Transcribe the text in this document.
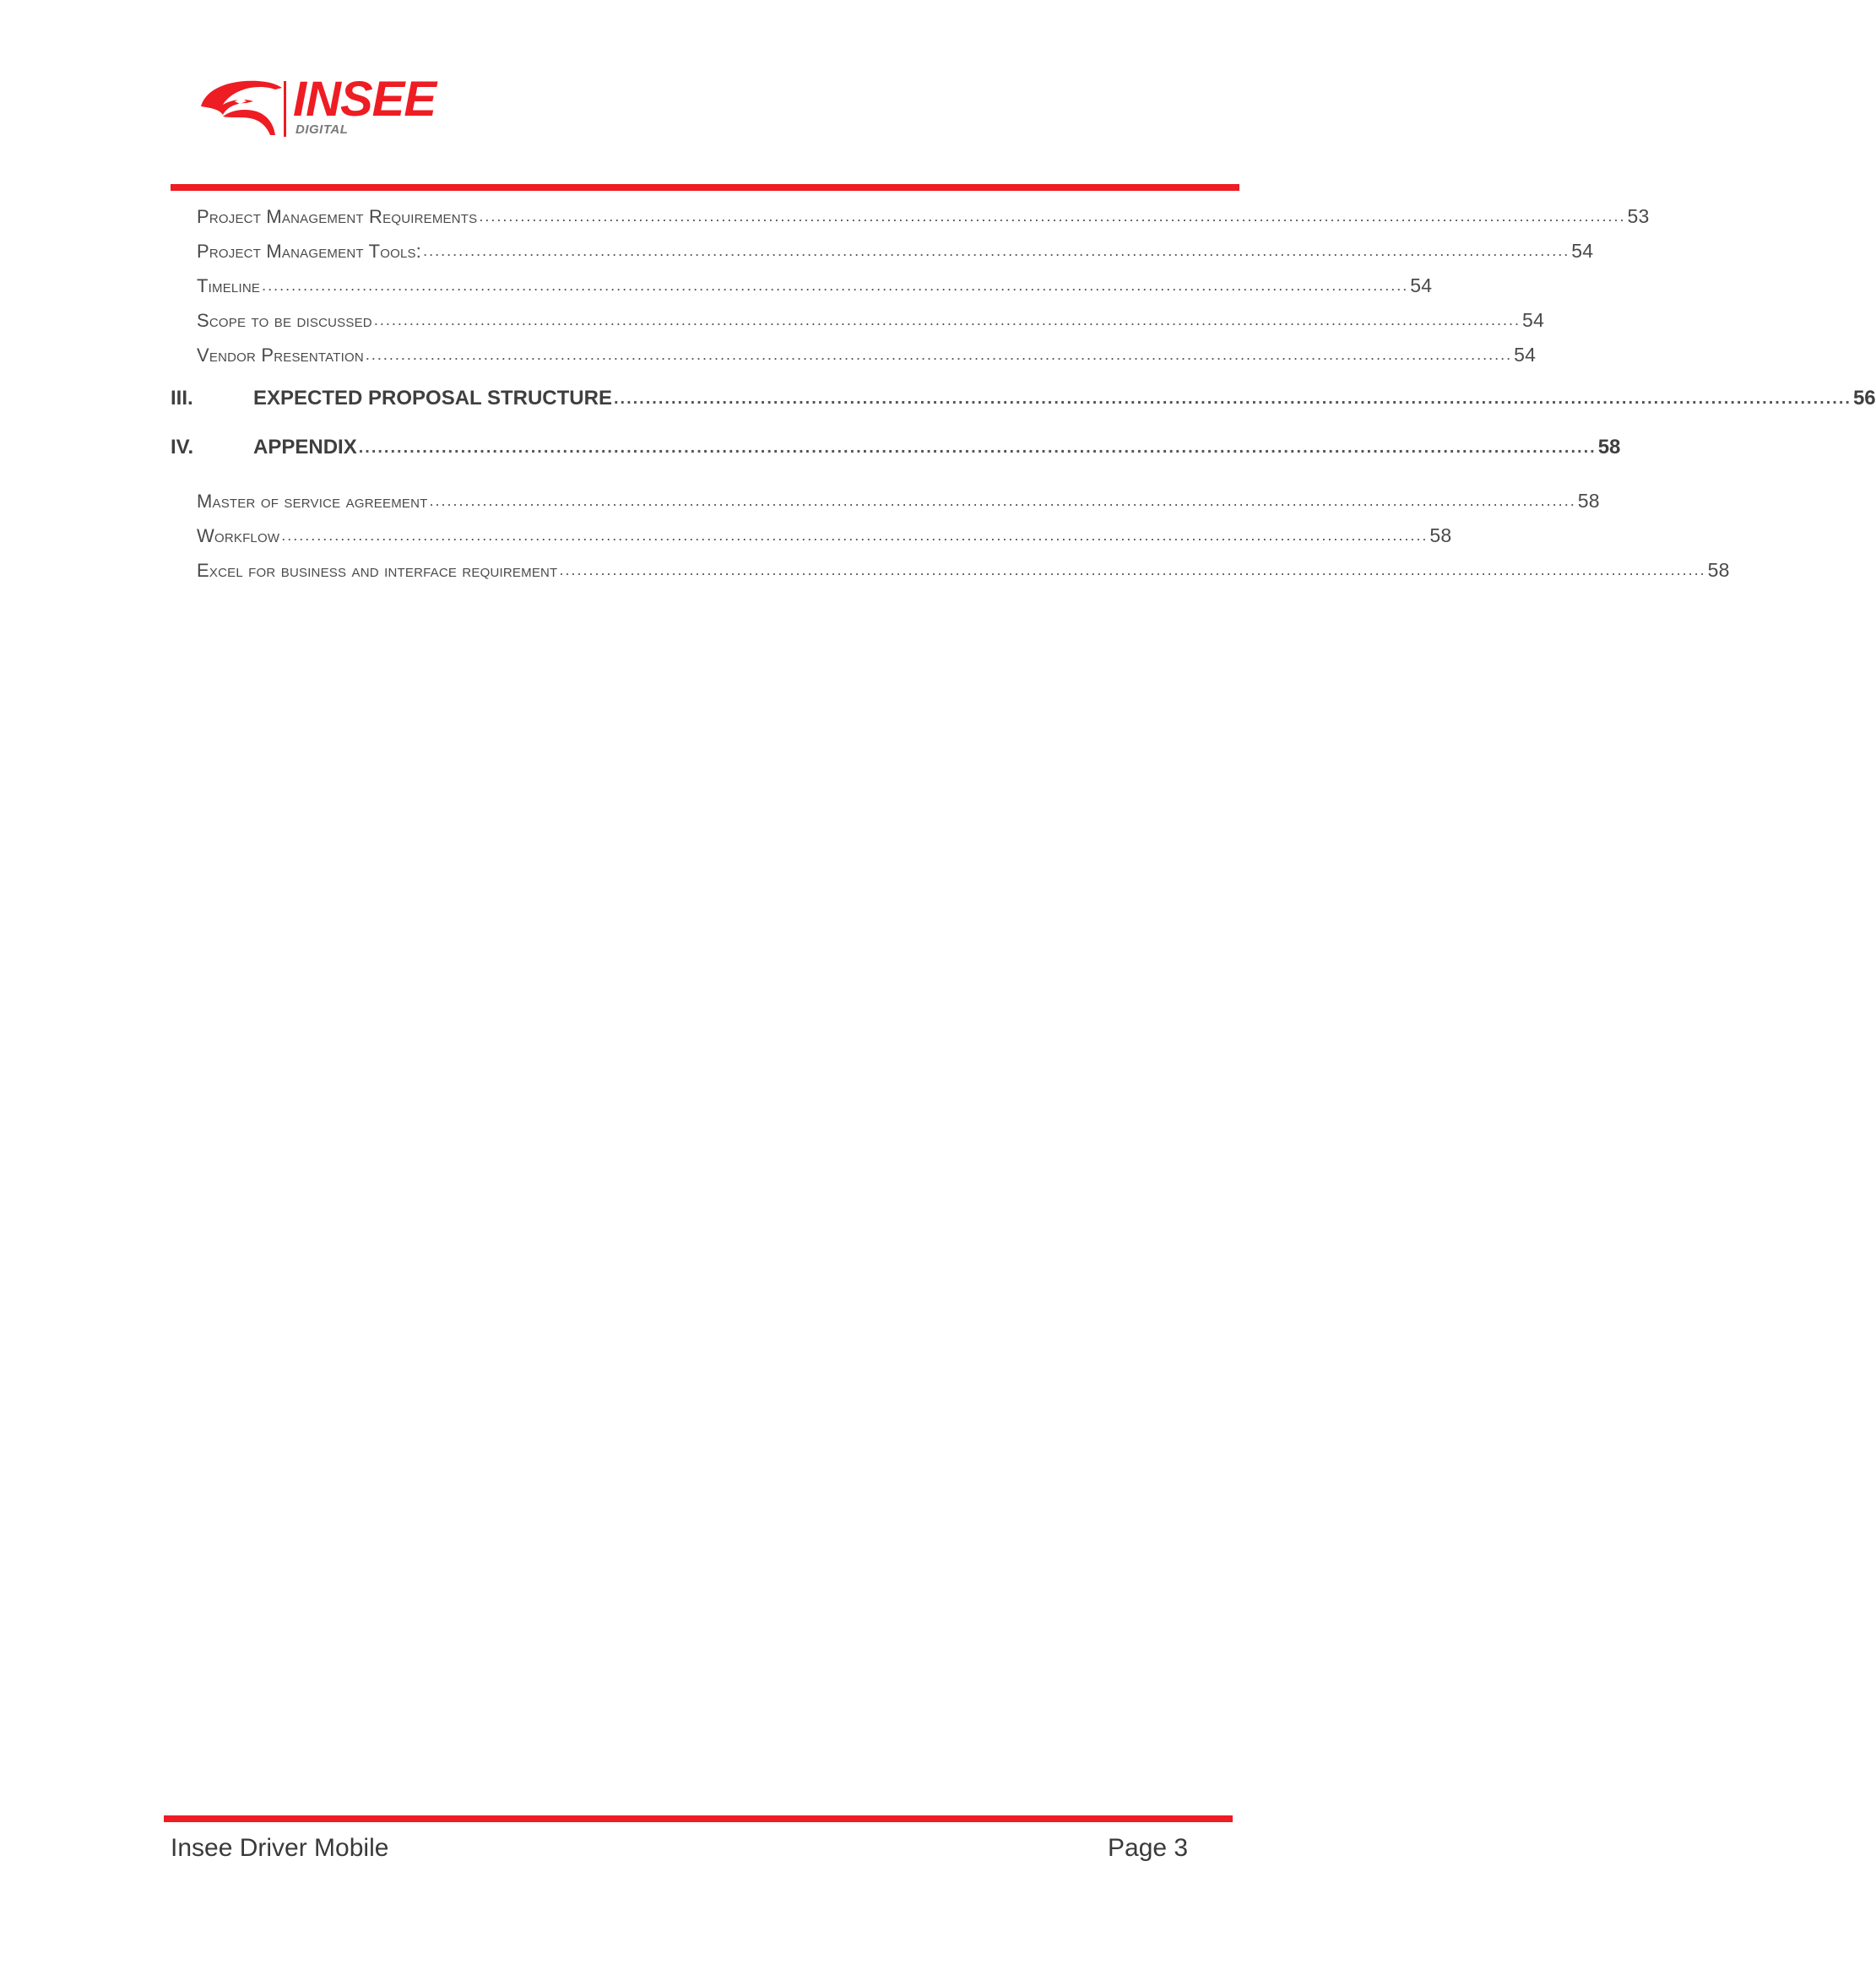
INSEE
DIGITAL
Project Management Requirements .................................................................................................................................................................................................. 53
Project Management Tools: .................................................................................................................................................................................................. 54
Timeline .................................................................................................................................................................................................. 54
Scope to be discussed .................................................................................................................................................................................................. 54
Vendor Presentation .................................................................................................................................................................................................. 54
III.	EXPECTED PROPOSAL STRUCTURE .................................................................................................................................................................................................. 56
IV.	APPENDIX .................................................................................................................................................................................................. 58
Master of service agreement .................................................................................................................................................................................................. 58
Workflow .................................................................................................................................................................................................. 58
Excel for business and interface requirement .................................................................................................................................................................................................. 58
Insee Driver Mobile	Page 3
